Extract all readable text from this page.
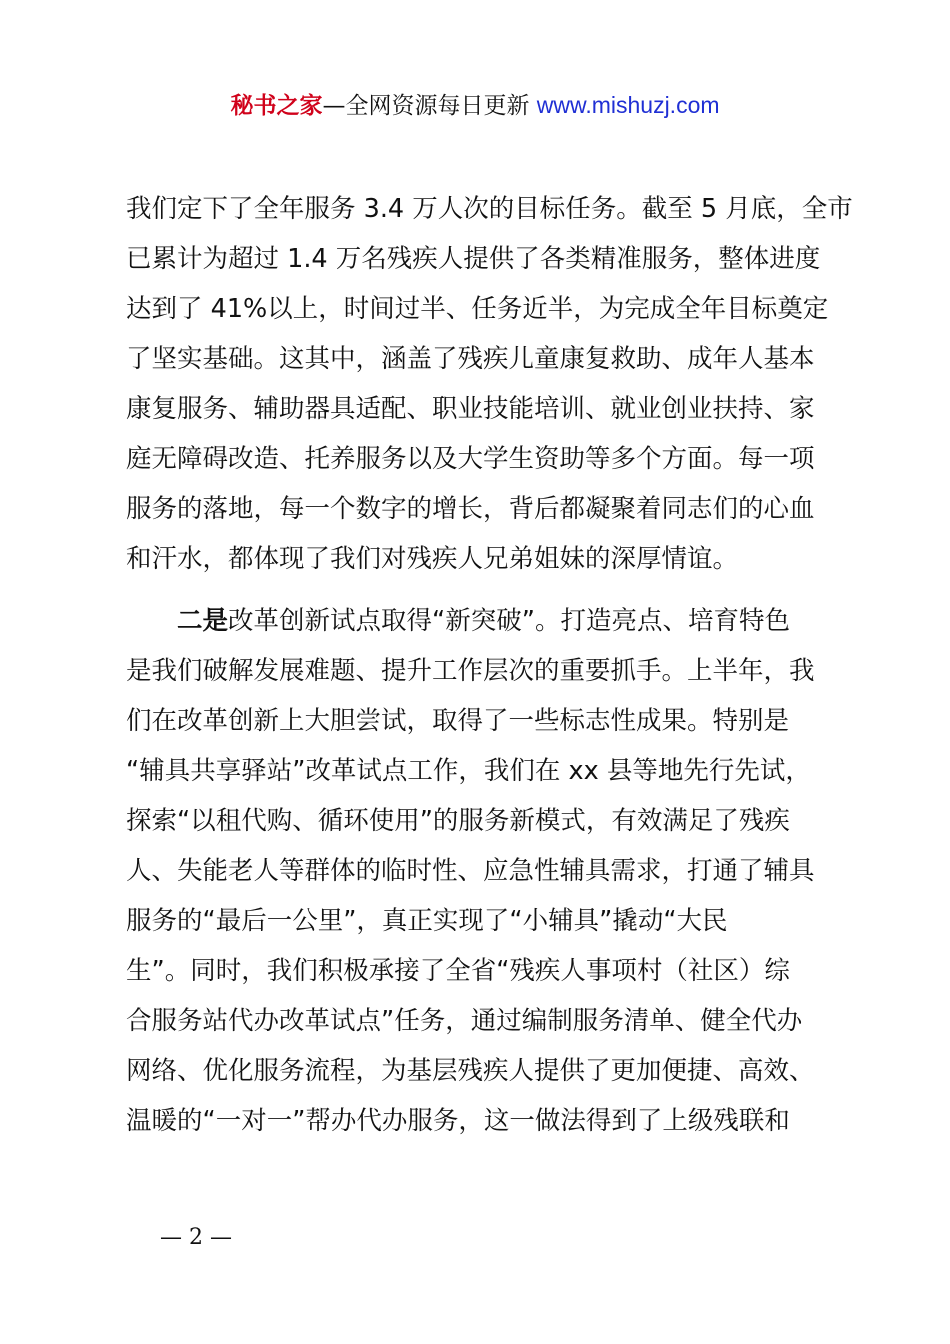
秘书之家—全网资源每日更新 www.mishuzj.com
我们定下了全年服务 3.4 万人次的目标任务。截至 5 月底，全市
已累计为超过 1.4 万名残疾人提供了各类精准服务，整体进度
达到了 41%以上，时间过半、任务近半，为完成全年目标奠定
了坚实基础。这其中，涵盖了残疾儿童康复救助、成年人基本
康复服务、辅助器具适配、职业技能培训、就业创业扶持、家
庭无障碍改造、托养服务以及大学生资助等多个方面。每一项
服务的落地，每一个数字的增长，背后都凝聚着同志们的心血
和汗水，都体现了我们对残疾人兄弟姐妹的深厚情谊。
二是改革创新试点取得“新突破”。打造亮点、培育特色
是我们破解发展难题、提升工作层次的重要抓手。上半年，我
们在改革创新上大胆尝试，取得了一些标志性成果。特别是
“辅具共享驿站”改革试点工作，我们在 xx 县等地先行先试，
探索“以租代购、循环使用”的服务新模式，有效满足了残疾
人、失能老人等群体的临时性、应急性辅具需求，打通了辅具
服务的“最后一公里”，真正实现了“小辅具”撬动“大民
生”。同时，我们积极承接了全省“残疾人事项村（社区）综
合服务站代办改革试点”任务，通过编制服务清单、健全代办
网络、优化服务流程，为基层残疾人提供了更加便捷、高效、
温暖的“一对一”帮办代办服务，这一做法得到了上级残联和
— 2 —
